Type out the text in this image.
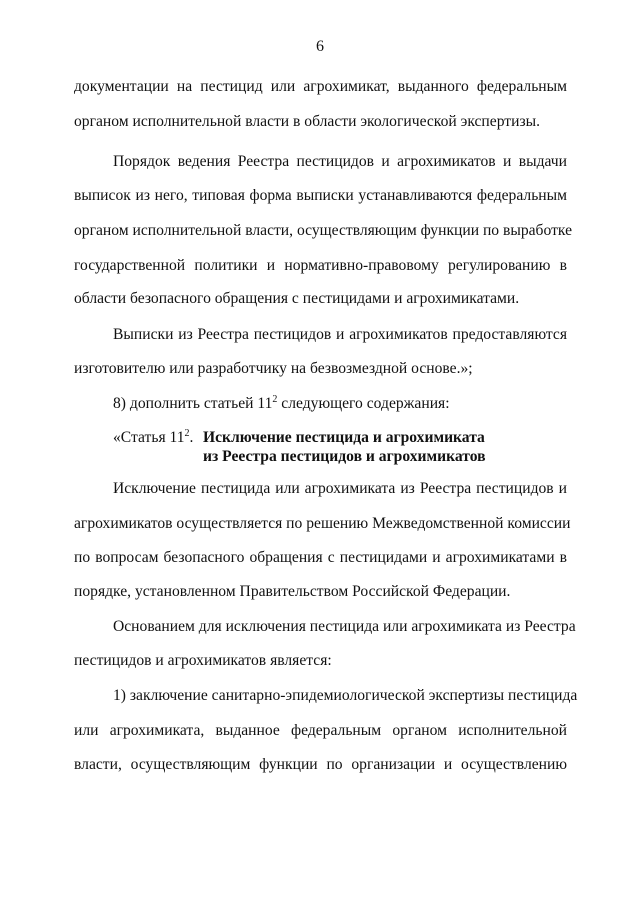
6
документации на пестицид или агрохимикат, выданного федеральным
органом исполнительной власти в области экологической экспертизы.
Порядок ведения Реестра пестицидов и агрохимикатов и выдачи
выписок из него, типовая форма выписки устанавливаются федеральным
органом исполнительной власти, осуществляющим функции по выработке
государственной политики и нормативно-правовому регулированию в
области безопасного обращения с пестицидами и агрохимикатами.
Выписки из Реестра пестицидов и агрохимикатов предоставляются
изготовителю или разработчику на безвозмездной основе.»;
8) дополнить статьей $11^2$ следующего содержания:
«Статья $11^2$. Исключение пестицида и агрохимиката
из Реестра пестицидов и агрохимикатов
Исключение пестицида или агрохимиката из Реестра пестицидов и
агрохимикатов осуществляется по решению Межведомственной комиссии
по вопросам безопасного обращения с пестицидами и агрохимикатами в
порядке, установленном Правительством Российской Федерации.
Основанием для исключения пестицида или агрохимиката из Реестра
пестицидов и агрохимикатов является:
1) заключение санитарно-эпидемиологической экспертизы пестицида
или агрохимиката, выданное федеральным органом исполнительной
власти, осуществляющим функции по организации и осуществлению
